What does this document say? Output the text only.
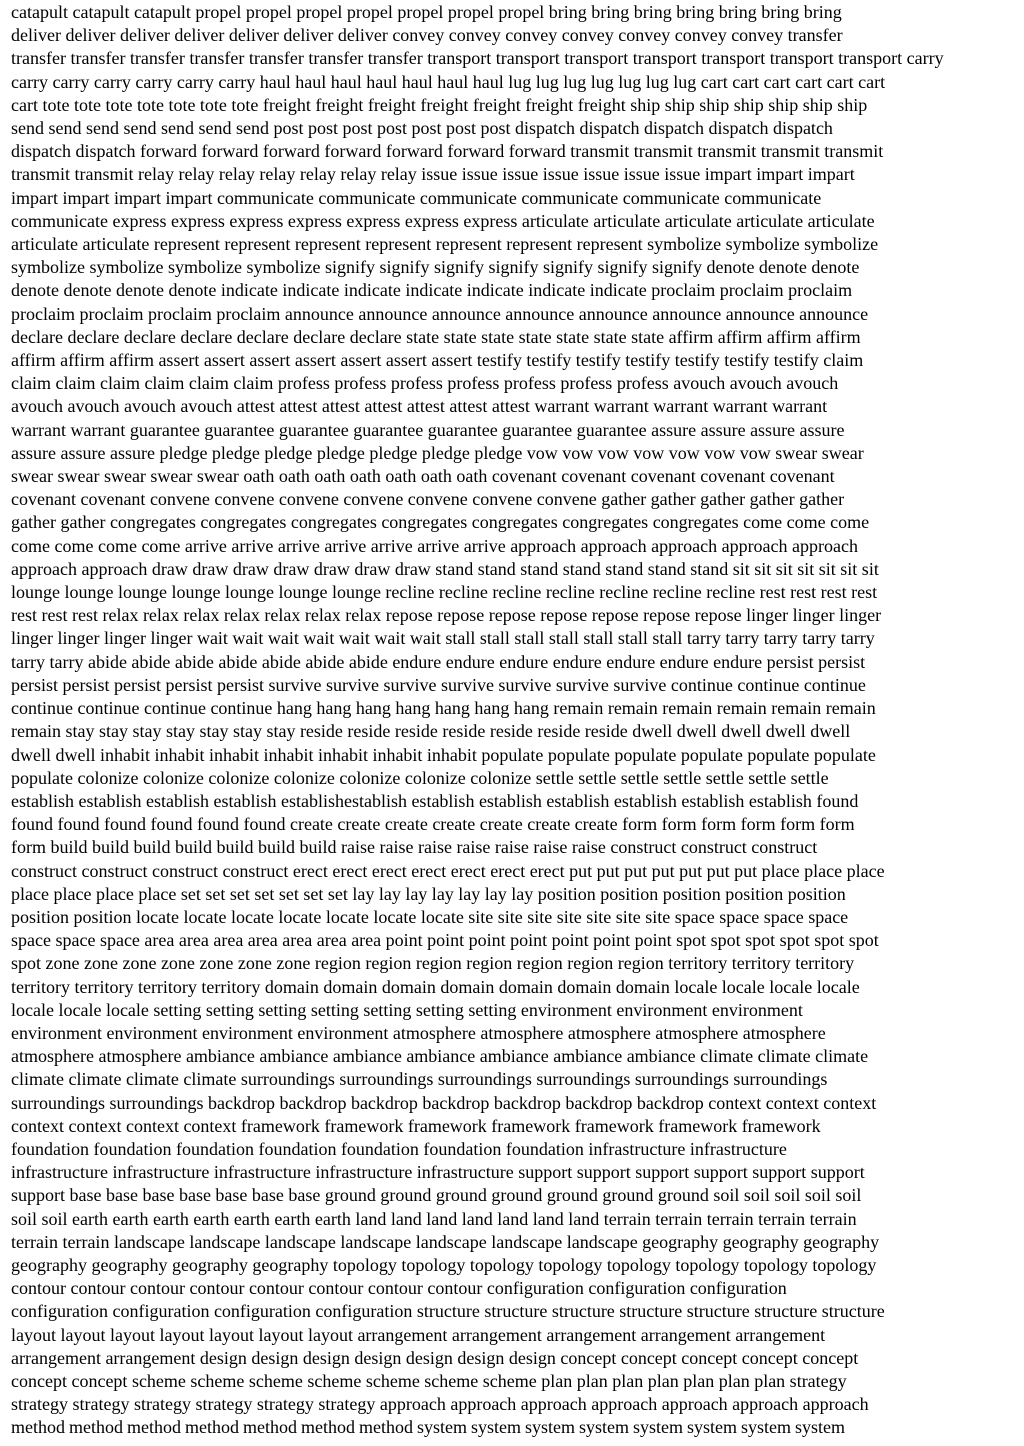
catapult catapult catapult propel propel propel propel propel propel propel bring bring bring bring bring bring bring
deliver deliver deliver deliver deliver deliver deliver convey convey convey convey convey convey convey transfer
transfer transfer transfer transfer transfer transfer transfer transport transport transport transport transport transport transport carry
carry carry carry carry carry carry haul haul haul haul haul haul haul lug lug lug lug lug lug lug cart cart cart cart cart cart
cart tote tote tote tote tote tote tote freight freight freight freight freight freight freight ship ship ship ship ship ship ship
send send send send send send send post post post post post post post dispatch dispatch dispatch dispatch dispatch
dispatch dispatch forward forward forward forward forward forward forward transmit transmit transmit transmit transmit
transmit transmit relay relay relay relay relay relay relay issue issue issue issue issue issue issue impart impart impart
impart impart impart impart communicate communicate communicate communicate communicate communicate
communicate express express express express express express express articulate articulate articulate articulate articulate
articulate articulate represent represent represent represent represent represent represent symbolize symbolize symbolize
symbolize symbolize symbolize symbolize signify signify signify signify signify signify signify denote denote denote
denote denote denote denote indicate indicate indicate indicate indicate indicate indicate proclaim proclaim proclaim
proclaim proclaim proclaim proclaim announce announce announce announce announce announce announce announce
declare declare declare declare declare declare declare state state state state state state state affirm affirm affirm affirm
affirm affirm affirm assert assert assert assert assert assert assert testify testify testify testify testify testify testify claim
claim claim claim claim claim claim profess profess profess profess profess profess profess avouch avouch avouch
avouch avouch avouch avouch attest attest attest attest attest attest attest warrant warrant warrant warrant warrant
warrant warrant guarantee guarantee guarantee guarantee guarantee guarantee guarantee assure assure assure assure
assure assure assure pledge pledge pledge pledge pledge pledge pledge vow vow vow vow vow vow vow swear swear
swear swear swear swear swear oath oath oath oath oath oath oath covenant covenant covenant covenant covenant
covenant covenant convene convene convene convene convene convene convene gather gather gather gather gather
gather gather congregates congregates congregates congregates congregates congregates congregates come come come
come come come come arrive arrive arrive arrive arrive arrive arrive approach approach approach approach approach
approach approach draw draw draw draw draw draw draw stand stand stand stand stand stand stand sit sit sit sit sit sit sit
lounge lounge lounge lounge lounge lounge lounge recline recline recline recline recline recline recline rest rest rest rest
rest rest rest relax relax relax relax relax relax relax repose repose repose repose repose repose repose linger linger linger
linger linger linger linger wait wait wait wait wait wait wait stall stall stall stall stall stall stall tarry tarry tarry tarry tarry
tarry tarry abide abide abide abide abide abide abide endure endure endure endure endure endure endure persist persist
persist persist persist persist persist survive survive survive survive survive survive survive continue continue continue
continue continue continue continue hang hang hang hang hang hang hang remain remain remain remain remain remain
remain stay stay stay stay stay stay stay reside reside reside reside reside reside reside dwell dwell dwell dwell dwell
dwell dwell inhabit inhabit inhabit inhabit inhabit inhabit inhabit populate populate populate populate populate populate
populate colonize colonize colonize colonize colonize colonize colonize settle settle settle settle settle settle settle
establish establish establish establish establishestablish establish establish establish establish establish establish found
found found found found found found create create create create create create create form form form form form form
form build build build build build build build raise raise raise raise raise raise raise construct construct construct
construct construct construct construct erect erect erect erect erect erect erect put put put put put put put place place place
place place place place set set set set set set set lay lay lay lay lay lay lay position position position position position
position position locate locate locate locate locate locate locate site site site site site site site space space space space
space space space area area area area area area area point point point point point point point spot spot spot spot spot spot
spot zone zone zone zone zone zone zone region region region region region region region territory territory territory
territory territory territory territory domain domain domain domain domain domain domain locale locale locale locale
locale locale locale setting setting setting setting setting setting setting environment environment environment
environment environment environment environment atmosphere atmosphere atmosphere atmosphere atmosphere
atmosphere atmosphere ambiance ambiance ambiance ambiance ambiance ambiance ambiance climate climate climate
climate climate climate climate surroundings surroundings surroundings surroundings surroundings surroundings
surroundings surroundings backdrop backdrop backdrop backdrop backdrop backdrop backdrop context context context
context context context context framework framework framework framework framework framework framework
foundation foundation foundation foundation foundation foundation foundation infrastructure infrastructure
infrastructure infrastructure infrastructure infrastructure infrastructure support support support support support support
support base base base base base base base ground ground ground ground ground ground ground soil soil soil soil soil
soil soil earth earth earth earth earth earth earth land land land land land land land terrain terrain terrain terrain terrain
terrain terrain landscape landscape landscape landscape landscape landscape landscape geography geography geography
geography geography geography geography topology topology topology topology topology topology topology topology
contour contour contour contour contour contour contour contour configuration configuration configuration
configuration configuration configuration configuration structure structure structure structure structure structure structure
layout layout layout layout layout layout layout arrangement arrangement arrangement arrangement arrangement
arrangement arrangement design design design design design design design concept concept concept concept concept
concept concept scheme scheme scheme scheme scheme scheme scheme plan plan plan plan plan plan plan strategy
strategy strategy strategy strategy strategy strategy approach approach approach approach approach approach approach
method method method method method method method system system system system system system system system
